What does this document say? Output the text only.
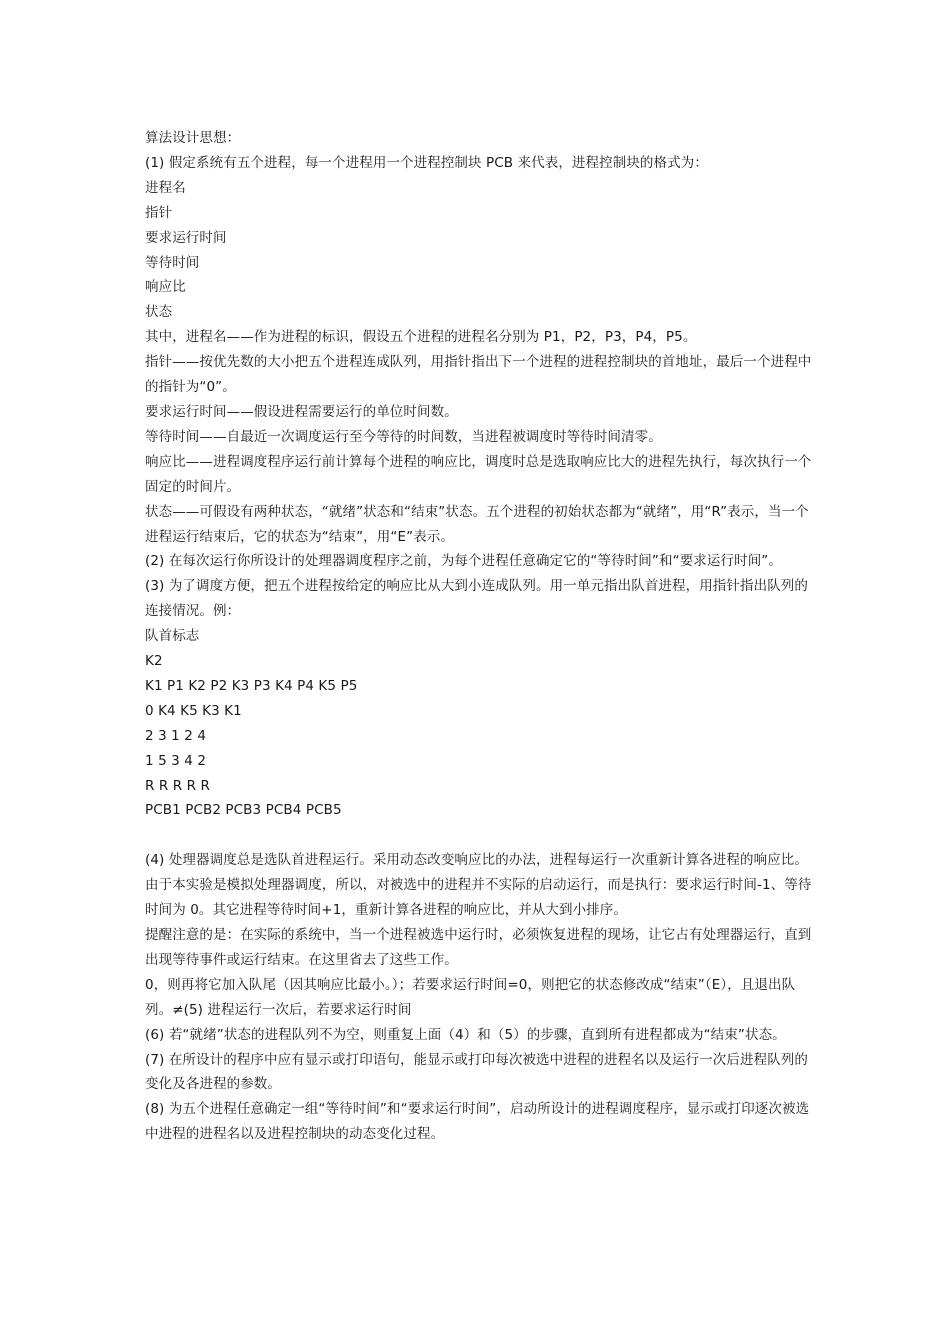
算法设计思想：
(1) 假定系统有五个进程，每一个进程用一个进程控制块 PCB 来代表，进程控制块的格式为：
进程名
指针
要求运行时间
等待时间
响应比
状态
其中，进程名——作为进程的标识，假设五个进程的进程名分别为 P1，P2，P3，P4，P5。
指针——按优先数的大小把五个进程连成队列，用指针指出下一个进程的进程控制块的首地址，最后一个进程中的指针为“0”。
要求运行时间——假设进程需要运行的单位时间数。
等待时间——自最近一次调度运行至今等待的时间数，当进程被调度时等待时间清零。
响应比——进程调度程序运行前计算每个进程的响应比，调度时总是选取响应比大的进程先执行，每次执行一个固定的时间片。
状态——可假设有两种状态，“就绪”状态和“结束”状态。五个进程的初始状态都为“就绪”，用“R”表示，当一个进程运行结束后，它的状态为“结束”，用“E”表示。
(2) 在每次运行你所设计的处理器调度程序之前，为每个进程任意确定它的“等待时间”和“要求运行时间”。
(3) 为了调度方便，把五个进程按给定的响应比从大到小连成队列。用一单元指出队首进程，用指针指出队列的连接情况。例：
队首标志
K2
K1 P1 K2 P2 K3 P3 K4 P4 K5 P5
0 K4 K5 K3 K1
2 3 1 2 4
1 5 3 4 2
R R R R R
PCB1 PCB2 PCB3 PCB4 PCB5
(4) 处理器调度总是选队首进程运行。采用动态改变响应比的办法，进程每运行一次重新计算各进程的响应比。由于本实验是模拟处理器调度，所以，对被选中的进程并不实际的启动运行，而是执行：要求运行时间-1、等待时间为 0。其它进程等待时间+1，重新计算各进程的响应比，并从大到小排序。
提醒注意的是：在实际的系统中，当一个进程被选中运行时，必须恢复进程的现场，让它占有处理器运行，直到出现等待事件或运行结束。在这里省去了这些工作。
0，则再将它加入队尾（因其响应比最小。）；若要求运行时间=0，则把它的状态修改成“结束”（E），且退出队列。≠(5) 进程运行一次后，若要求运行时间
(6) 若“就绪”状态的进程队列不为空，则重复上面（4）和（5）的步骤，直到所有进程都成为“结束”状态。
(7) 在所设计的程序中应有显示或打印语句，能显示或打印每次被选中进程的进程名以及运行一次后进程队列的变化及各进程的参数。
(8) 为五个进程任意确定一组“等待时间”和“要求运行时间”，启动所设计的进程调度程序，显示或打印逐次被选中进程的进程名以及进程控制块的动态变化过程。
